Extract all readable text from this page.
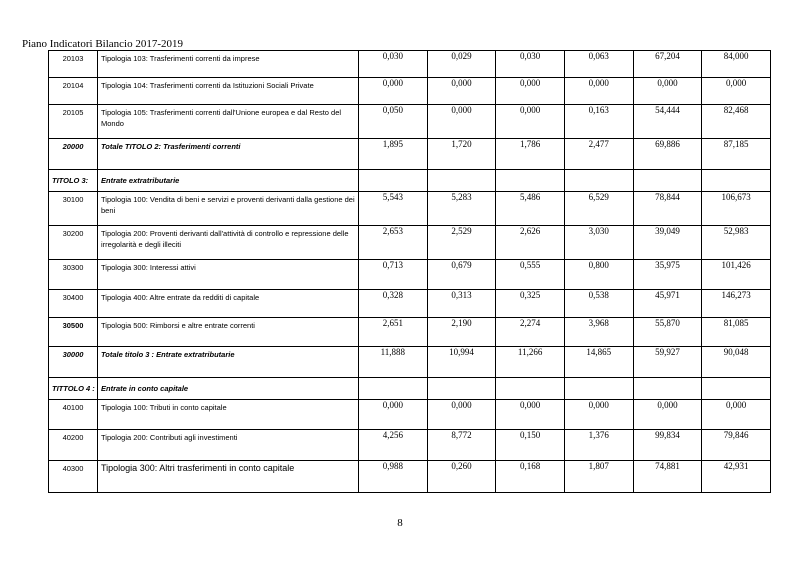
Piano Indicatori Bilancio 2017-2019
20103	Tipologia 103: Trasferimenti correnti da imprese	0,030	0,029	0,030	0,063	67,204	84,000
20104	Tipologia 104: Trasferimenti correnti da Istituzioni Sociali Private	0,000	0,000	0,000	0,000	0,000	0,000
20105	Tipologia 105: Trasferimenti correnti dall'Unione europea e dal Resto del Mondo	0,050	0,000	0,000	0,163	54,444	82,468
20000	Totale TITOLO 2: Trasferimenti correnti	1,895	1,720	1,786	2,477	69,886	87,185
TITOLO 3:	Entrate extratributarie						
30100	Tipologia 100: Vendita di beni e servizi e proventi derivanti dalla gestione dei beni	5,543	5,283	5,486	6,529	78,844	106,673
30200	Tipologia 200: Proventi derivanti dall'attività di controllo e repressione delle irregolarità e degli illeciti	2,653	2,529	2,626	3,030	39,049	52,983
30300	Tipologia 300: Interessi attivi	0,713	0,679	0,555	0,800	35,975	101,426
30400	Tipologia 400: Altre entrate da redditi di capitale	0,328	0,313	0,325	0,538	45,971	146,273
30500	Tipologia 500: Rimborsi e altre entrate correnti	2,651	2,190	2,274	3,968	55,870	81,085
30000	Totale titolo 3 : Entrate extratributarie	11,888	10,994	11,266	14,865	59,927	90,048
TITTOLO 4 :	Entrate in conto capitale						
40100	Tipologia 100: Tributi in conto capitale	0,000	0,000	0,000	0,000	0,000	0,000
40200	Tipologia 200: Contributi agli investimenti	4,256	8,772	0,150	1,376	99,834	79,846
40300	Tipologia 300: Altri trasferimenti in conto capitale	0,988	0,260	0,168	1,807	74,881	42,931
8
